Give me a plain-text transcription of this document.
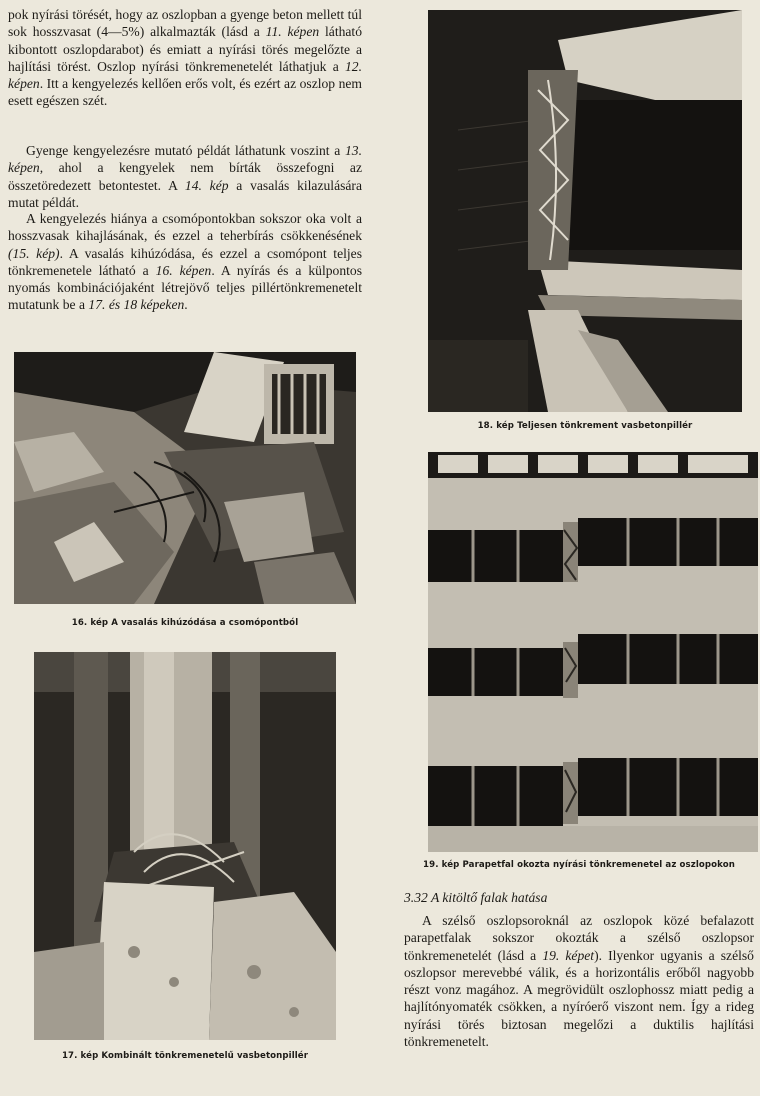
pok nyírási törését, hogy az oszlopban a gyenge beton mellett túl sok hosszvasat (4—5%) alkalmazták (lásd a 11. képen látható kibontott oszlopdarabot) és emiatt a nyírási törés megelőzte a hajlítási törést. Oszlop nyírási tönkremenetelét láthatjuk a 12. képen. Itt a kengyelezés kellően erős volt, és ezért az oszlop nem esett egészen szét.

Gyenge kengyelezésre mutató példát láthatunk voszint a 13. képen, ahol a kengyelek nem bírták összefogni az összetöredezett betontestet. A 14. kép a vasalás kilazulására mutat példát.

A kengyelezés hiánya a csomópontokban sokszor oka volt a hosszvasak kihajlásának, és ezzel a teherbírás csökkenésének (15. kép). A vasalás kihúzódása, és ezzel a csomópont teljes tönkremenetele látható a 16. képen. A nyírás és a külpontos nyomás kombinációjaként létrejövő teljes pillértönkremenetelt mutatunk be a 17. és 18 képeken.

16. kép A vasalás kihúzódása a csomópontból
17. kép Kombinált tönkremenetelű vasbetonpillér
18. kép Teljesen tönkrement vasbetonpillér
19. kép Parapetfal okozta nyírási tönkremenetel az oszlopokon
3.32 A kitöltő falak hatása

A szélső oszlopsoroknál az oszlopok közé befalazott parapetfalak sokszor okozták a szélső oszlopsor tönkremenetelét (lásd a 19. képet). Ilyenkor ugyanis a szélső oszlopsor merevebbé válik, és a horizontális erőből nagyobb részt vonz magához. A megrövidült oszlophossz miatt pedig a hajlítónyomaték csökken, a nyíróerő viszont nem. Így a rideg nyírási törés biztosan megelőzi a duktilis hajlítási tönkremenetelt.
